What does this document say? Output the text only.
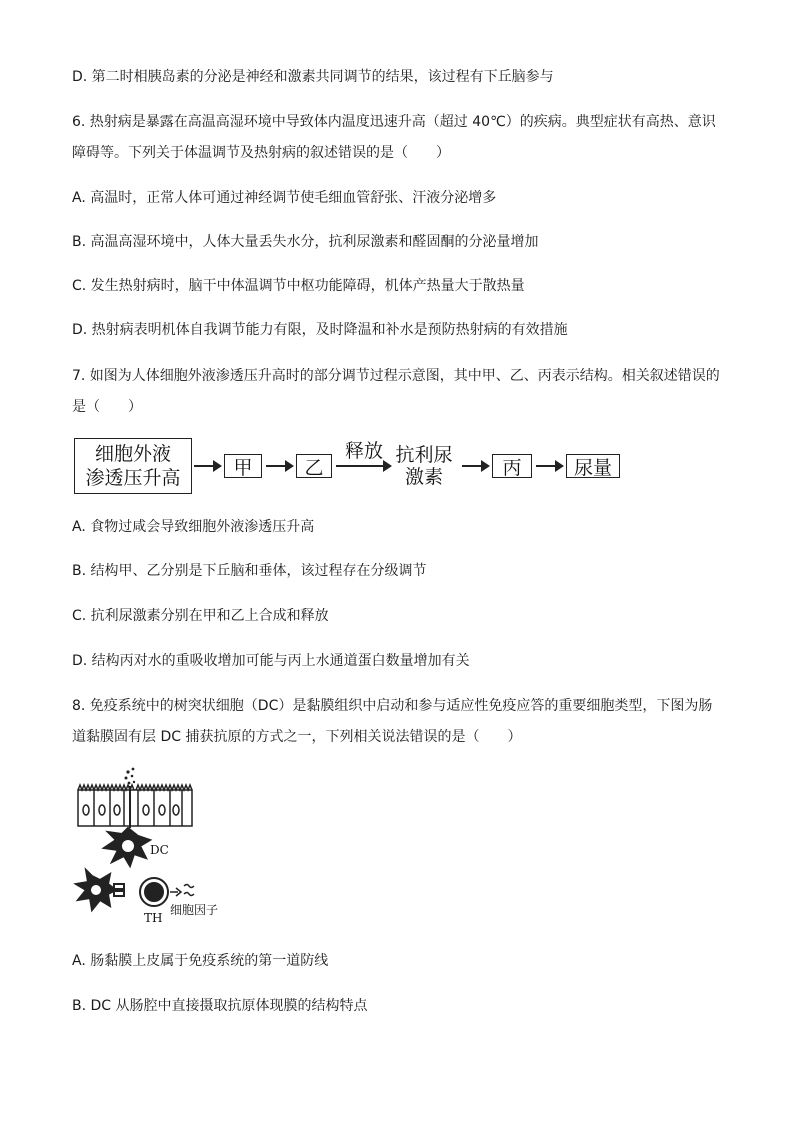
D. 第二时相胰岛素的分泌是神经和激素共同调节的结果，该过程有下丘脑参与
6. 热射病是暴露在高温高湿环境中导致体内温度迅速升高（超过 40℃）的疾病。典型症状有高热、意识
障碍等。下列关于体温调节及热射病的叙述错误的是（　　）
A. 高温时，正常人体可通过神经调节使毛细血管舒张、汗液分泌增多
B. 高温高湿环境中，人体大量丢失水分，抗利尿激素和醛固酮的分泌量增加
C. 发生热射病时，脑干中体温调节中枢功能障碍，机体产热量大于散热量
D. 热射病表明机体自我调节能力有限，及时降温和补水是预防热射病的有效措施
7. 如图为人体细胞外液渗透压升高时的部分调节过程示意图，其中甲、乙、丙表示结构。相关叙述错误的
是（　　）
细胞外液
渗透压升高	甲	乙
释放 抗利尿
激素	丙	尿量
A. 食物过咸会导致细胞外液渗透压升高
B. 结构甲、乙分别是下丘脑和垂体，该过程存在分级调节
C. 抗利尿激素分别在甲和乙上合成和释放
D. 结构丙对水的重吸收增加可能与丙上水通道蛋白数量增加有关
8. 免疫系统中的树突状细胞（DC）是黏膜组织中启动和参与适应性免疫应答的重要细胞类型，下图为肠
道黏膜固有层 DC 捕获抗原的方式之一，下列相关说法错误的是（　　）
DC
TH
细胞因子
A. 肠黏膜上皮属于免疫系统的第一道防线
B. DC 从肠腔中直接摄取抗原体现膜的结构特点
